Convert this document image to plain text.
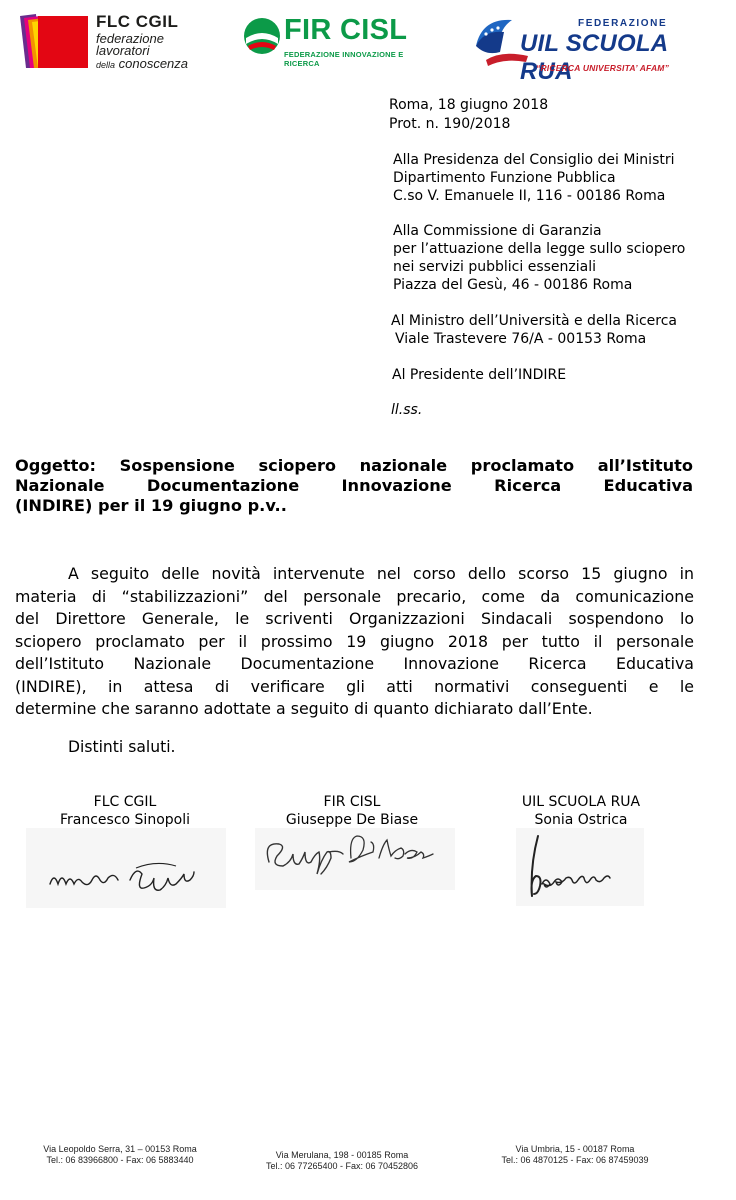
FLC CGIL
federazione
lavoratori
della conoscenza
FIR CISL
FEDERAZIONE INNOVAZIONE E RICERCA
FEDERAZIONE
UIL SCUOLA RUA
“RICERCA UNIVERSITA’ AFAM”
Roma, 18 giugno 2018
Prot. n. 190/2018
Alla Presidenza del Consiglio dei Ministri
Dipartimento Funzione Pubblica
C.so V. Emanuele II, 116 - 00186 Roma
Alla Commissione di Garanzia
per l’attuazione della legge sullo sciopero
nei servizi pubblici essenziali
Piazza del Gesù, 46 - 00186 Roma
Al Ministro dell’Università e della Ricerca
Viale Trastevere 76/A - 00153 Roma
Al Presidente dell’INDIRE
ll.ss.
Oggetto: Sospensione sciopero nazionale proclamato all’Istituto
Nazionale Documentazione Innovazione Ricerca Educativa
(INDIRE) per il 19 giugno p.v..
A seguito delle novità intervenute nel corso dello scorso 15 giugno in
materia di “stabilizzazioni” del personale precario, come da comunicazione
del Direttore Generale, le scriventi Organizzazioni Sindacali sospendono lo
sciopero proclamato per il prossimo 19 giugno 2018 per tutto il personale
dell’Istituto Nazionale Documentazione Innovazione Ricerca Educativa
(INDIRE), in attesa di verificare gli atti normativi conseguenti e le
determine che saranno adottate a seguito di quanto dichiarato dall’Ente.
Distinti saluti.
FLC CGIL
Francesco Sinopoli
FIR CISL
Giuseppe De Biase
UIL SCUOLA RUA
Sonia Ostrica
Via Leopoldo Serra, 31 – 00153 Roma
Tel.: 06 83966800 - Fax: 06 5883440	Via Merulana, 198 - 00185 Roma
Tel.: 06 77265400 - Fax: 06 70452806
Via Umbria, 15 - 00187 Roma
Tel.: 06 4870125 - Fax: 06 87459039
